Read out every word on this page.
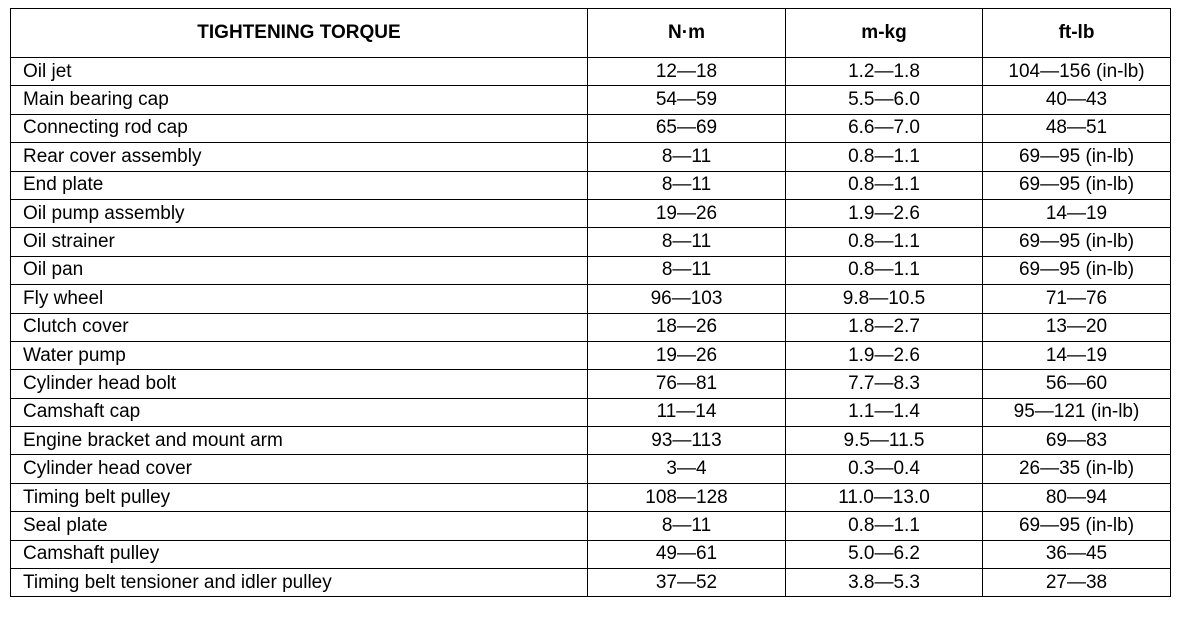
TIGHTENING TORQUE	N·m	m-kg	ft-lb
Oil jet	12—18	1.2—1.8	104—156 (in-lb)
Main bearing cap	54—59	5.5—6.0	40—43
Connecting rod cap	65—69	6.6—7.0	48—51
Rear cover assembly	8—11	0.8—1.1	69—95 (in-lb)
End plate	8—11	0.8—1.1	69—95 (in-lb)
Oil pump assembly	19—26	1.9—2.6	14—19
Oil strainer	8—11	0.8—1.1	69—95 (in-lb)
Oil pan	8—11	0.8—1.1	69—95 (in-lb)
Fly wheel	96—103	9.8—10.5	71—76
Clutch cover	18—26	1.8—2.7	13—20
Water pump	19—26	1.9—2.6	14—19
Cylinder head bolt	76—81	7.7—8.3	56—60
Camshaft cap	11—14	1.1—1.4	95—121 (in-lb)
Engine bracket and mount arm	93—113	9.5—11.5	69—83
Cylinder head cover	3—4	0.3—0.4	26—35 (in-lb)
Timing belt pulley	108—128	11.0—13.0	80—94
Seal plate	8—11	0.8—1.1	69—95 (in-lb)
Camshaft pulley	49—61	5.0—6.2	36—45
Timing belt tensioner and idler pulley	37—52	3.8—5.3	27—38
